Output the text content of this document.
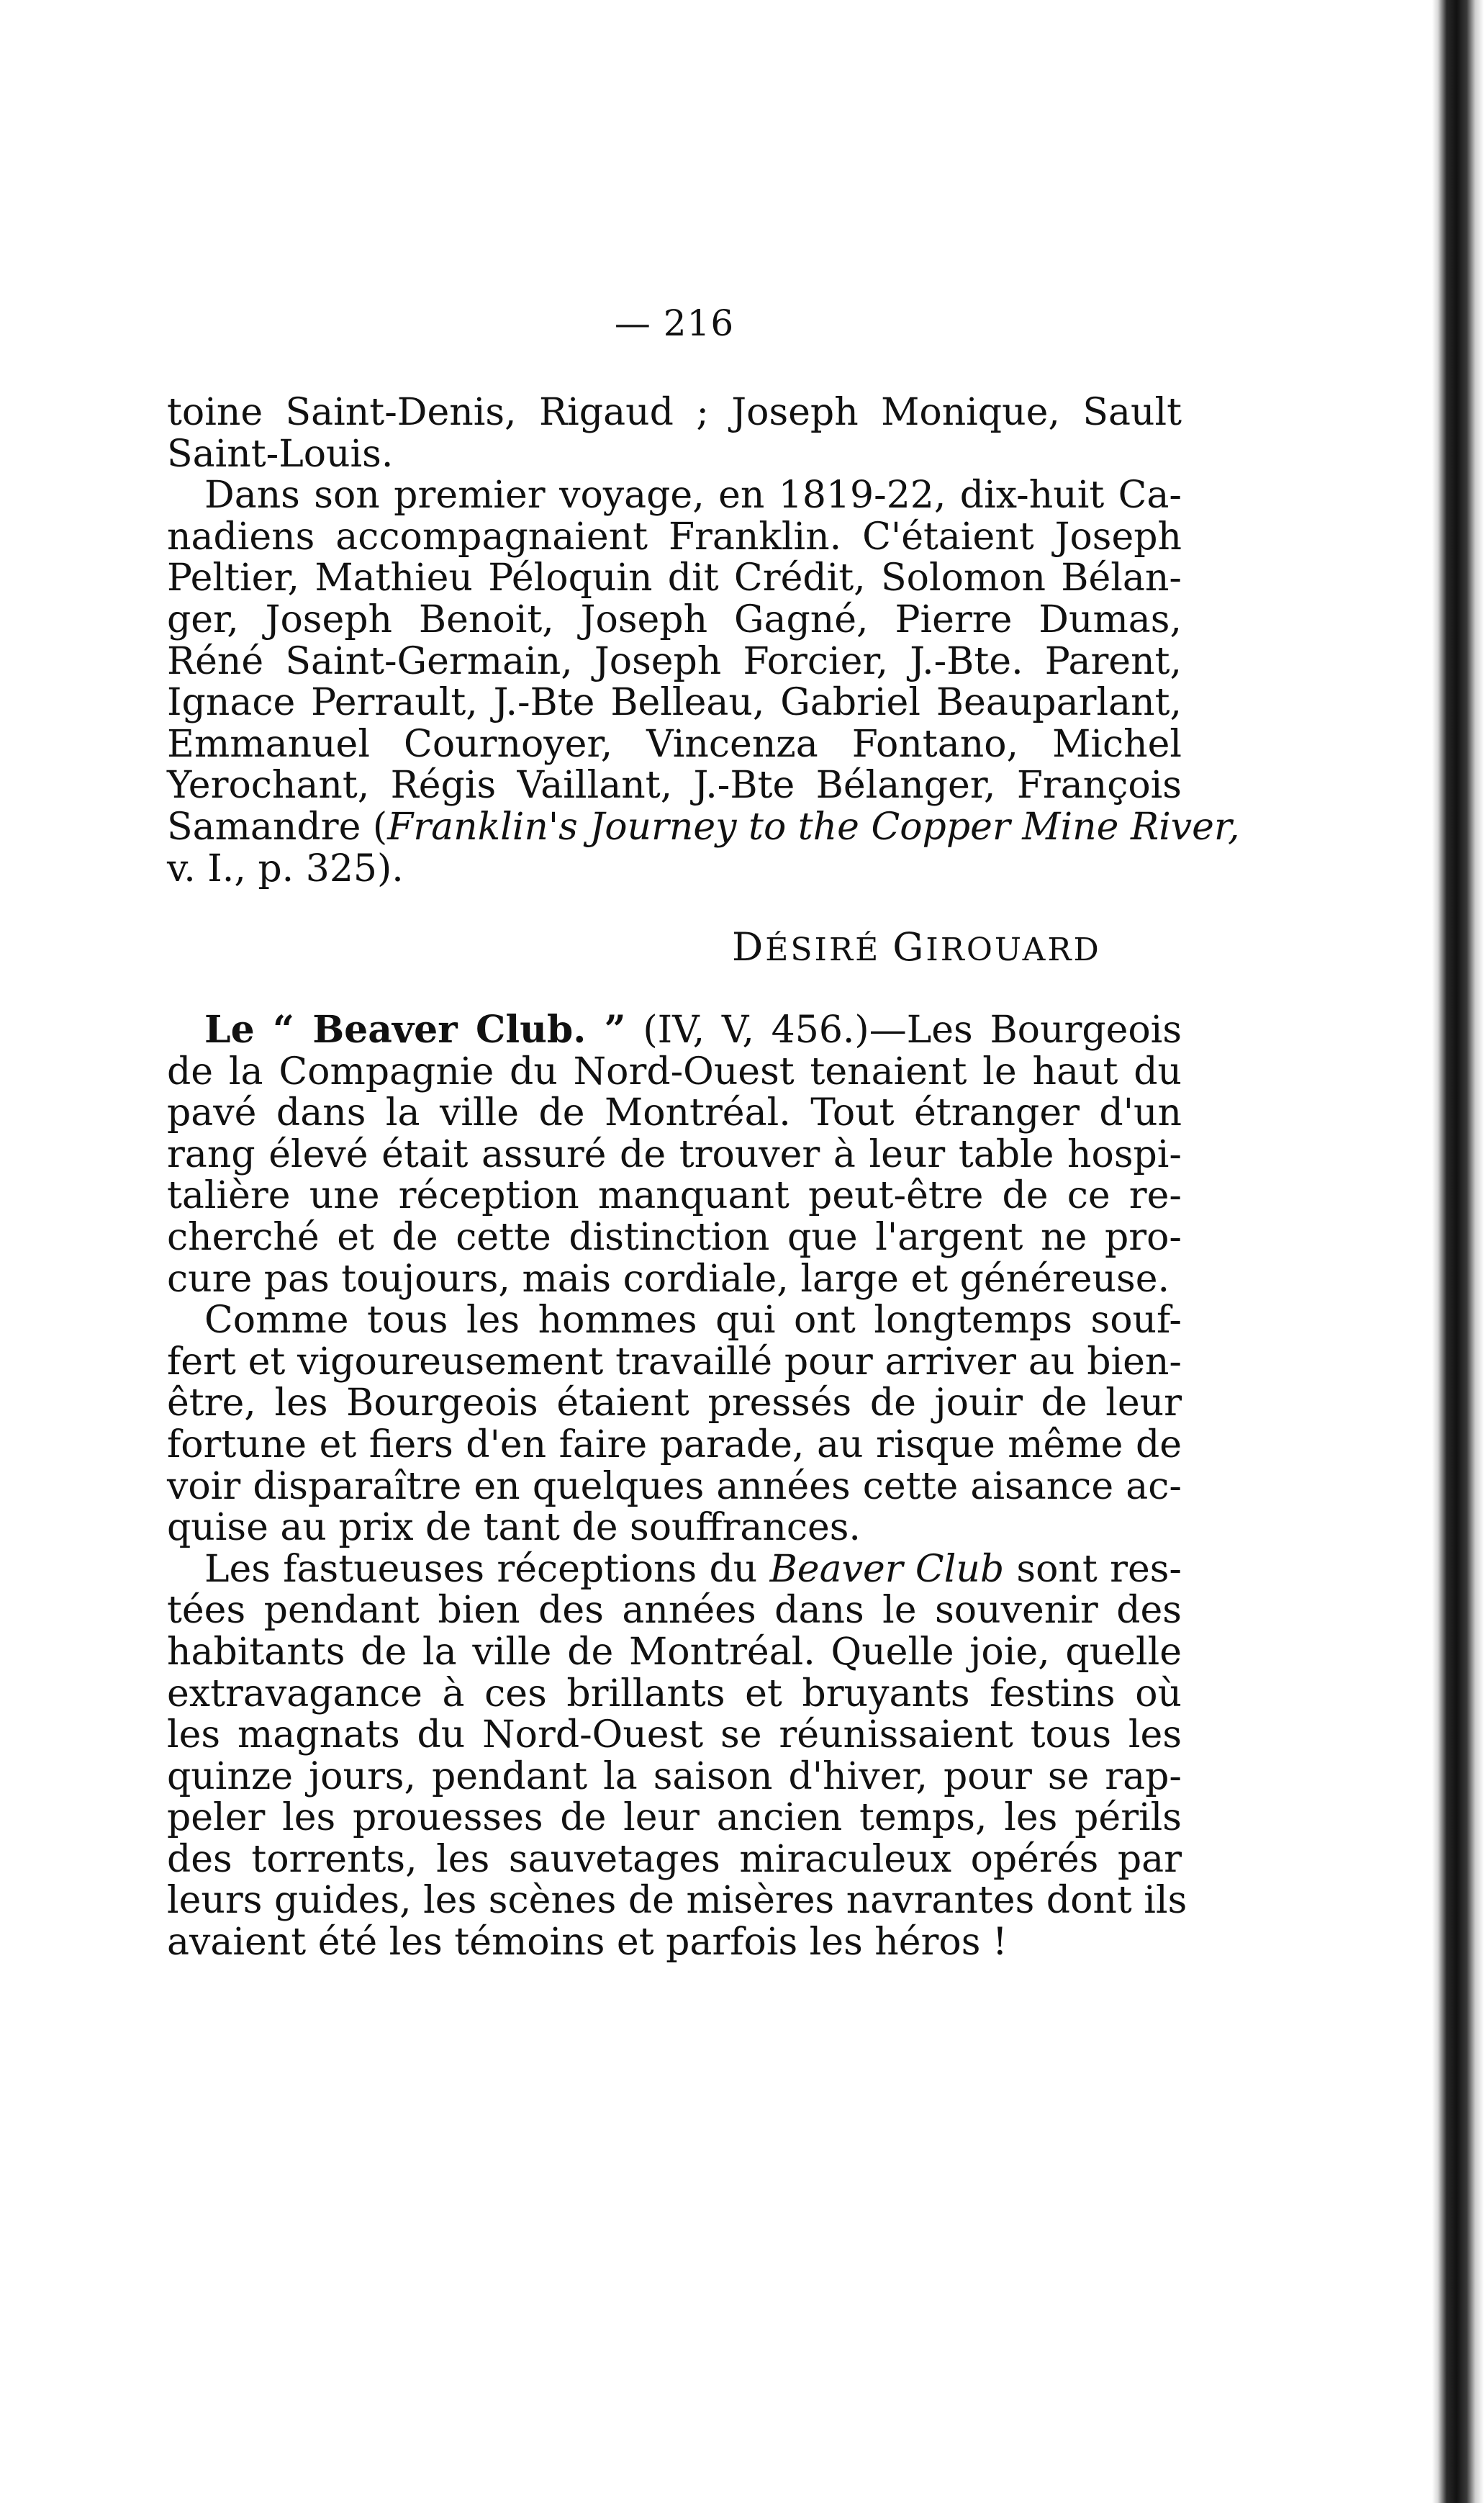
— 216
toine Saint-Denis, Rigaud ; Joseph Monique, Sault
Saint-Louis.
Dans son premier voyage, en 1819-22, dix-huit Ca-
nadiens accompagnaient Franklin. C'étaient Joseph
Peltier, Mathieu Péloquin dit Crédit, Solomon Bélan-
ger, Joseph Benoit, Joseph Gagné, Pierre Dumas,
Réné Saint-Germain, Joseph Forcier, J.-Bte. Parent,
Ignace Perrault, J.-Bte Belleau, Gabriel Beauparlant,
Emmanuel Cournoyer, Vincenza Fontano, Michel
Yerochant, Régis Vaillant, J.-Bte Bélanger, François
Samandre (Franklin's Journey to the Copper Mine River,
v. I., p. 325).
DÉSIRÉ GIROUARD
Le “ Beaver Club. ” (IV, V, 456.)—Les Bourgeois
de la Compagnie du Nord-Ouest tenaient le haut du
pavé dans la ville de Montréal. Tout étranger d'un
rang élevé était assuré de trouver à leur table hospi-
talière une réception manquant peut-être de ce re-
cherché et de cette distinction que l'argent ne pro-
cure pas toujours, mais cordiale, large et généreuse.
Comme tous les hommes qui ont longtemps souf-
fert et vigoureusement travaillé pour arriver au bien-
être, les Bourgeois étaient pressés de jouir de leur
fortune et fiers d'en faire parade, au risque même de
voir disparaître en quelques années cette aisance ac-
quise au prix de tant de souffrances.
Les fastueuses réceptions du Beaver Club sont res-
tées pendant bien des années dans le souvenir des
habitants de la ville de Montréal. Quelle joie, quelle
extravagance à ces brillants et bruyants festins où
les magnats du Nord-Ouest se réunissaient tous les
quinze jours, pendant la saison d'hiver, pour se rap-
peler les prouesses de leur ancien temps, les périls
des torrents, les sauvetages miraculeux opérés par
leurs guides, les scènes de misères navrantes dont ils
avaient été les témoins et parfois les héros !
